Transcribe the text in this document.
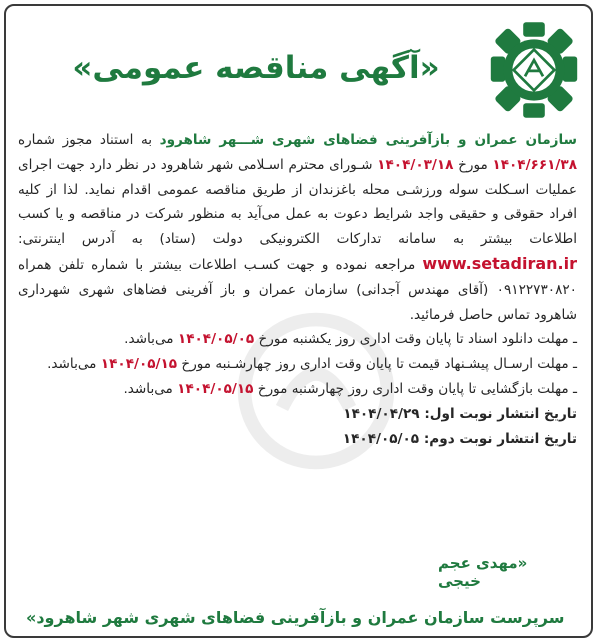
«آگهی مناقصه عمومی»

سازمان عمران و بازآفرینی فضاهای شهری شـــهر شاهرود به استناد مجوز شماره ۱۴۰۴/۶۶۱/۳۸ مورخ ۱۴۰۴/۰۳/۱۸ شـورای محترم اسـلامی شهر شاهرود در نظر دارد جهت اجرای عملیات اسـکلت سوله ورزشـی محله باغزندان از طریق مناقصه عمومی اقدام نماید. لذا از کلیه افراد حقوقی و حقیقی واجد شرایط دعوت به عمل می‌آید به منظور شرکت در مناقصه و یا کسب اطلاعات بیشتر به سامانه تدارکات الکترونیکی دولت (ستاد) به آدرس اینترنتی: www.setadiran.ir مراجعه نموده و جهت کسـب اطلاعات بیشتر با شماره تلفن همراه ۰۹۱۲۲۷۳۰۸۲۰ (آقای مهندس آجدانی) سازمان عمران و باز آفرینی فضاهای شهری شهرداری شاهرود تماس حاصل فرمائید.

ـ مهلت دانلود اسناد تا پایان وقت اداری روز یکشنبه مورخ ۱۴۰۴/۰۵/۰۵ می‌باشد.

ـ مهلت ارسـال پیشـنهاد قیمت تا پایان وقت اداری روز چهارشـنبه مورخ ۱۴۰۴/۰۵/۱۵ می‌باشد.

ـ مهلت بازگشایی تا پایان وقت اداری روز چهارشنبه مورخ ۱۴۰۴/۰۵/۱۵ می‌باشد.

تاریخ انتشار نوبت اول: ۱۴۰۴/۰۴/۲۹

تاریخ انتشار نوبت دوم: ۱۴۰۴/۰۵/۰۵

«مهدی عجم خیجی
سرپرست سازمان عمران و بازآفرینی فضاهای شهری شهر شاهرود»
